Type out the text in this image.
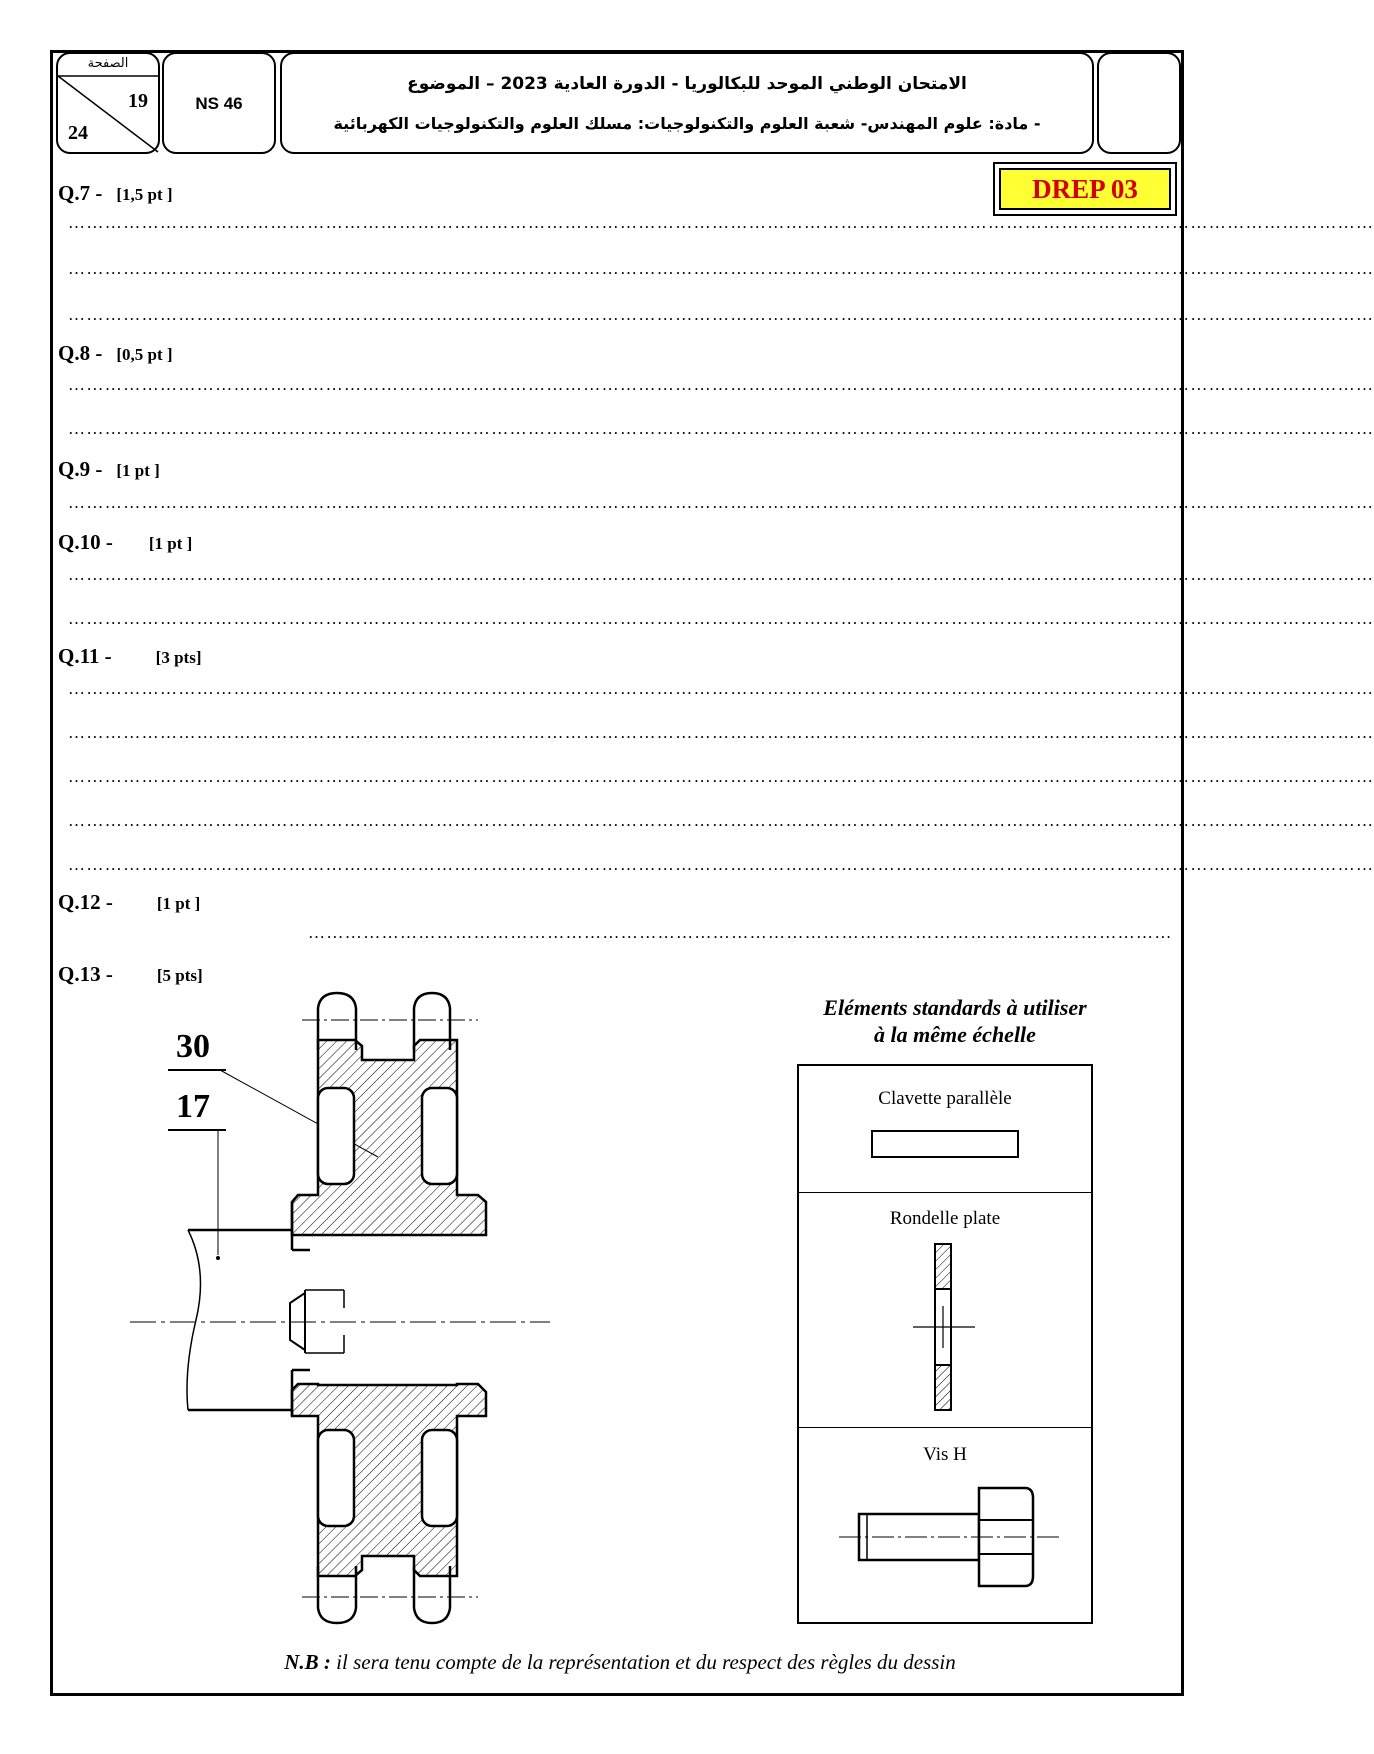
الصفحة
19
24
NS 46
الامتحان الوطني الموحد للبكالوريا - الدورة العادية 2023 – الموضوع
- مادة: علوم المهندس- شعبة العلوم والتكنولوجيات: مسلك العلوم والتكنولوجيات الكهربائية
DREP 03
Q.7 - [1,5 pt ]
Q.8 - [0,5 pt ]
Q.9 - [1 pt ]
Q.10 - [1 pt ]
Q.11 -	[3 pts]
Q.12 -	[1 pt ]
Q.13 -	[5 pts]
……………………………………………………………………………………………………………………………………………………………………………………………
……………………………………………………………………………………………………………………………………………………………………………………………
……………………………………………………………………………………………………………………………………………………………………………………………
……………………………………………………………………………………………………………………………………………………………………………………………
……………………………………………………………………………………………………………………………………………………………………………………………
……………………………………………………………………………………………………………………………………………………………………………………………
……………………………………………………………………………………………………………………………………………………………………………………………
……………………………………………………………………………………………………………………………………………………………………………………………
……………………………………………………………………………………………………………………………………………………………………………………………
……………………………………………………………………………………………………………………………………………………………………………………………
……………………………………………………………………………………………………………………………………………………………………………………………
……………………………………………………………………………………………………………………………………………………………………………………………
……………………………………………………………………………………………………………………………………………………………………………………………
……………………………………………………………………………………………………………………………
30
17
Eléments standards à utiliser
à la même échelle
Clavette parallèle
Rondelle plate
Vis H
N.B : il sera tenu compte de la représentation et du respect des règles du dessin
